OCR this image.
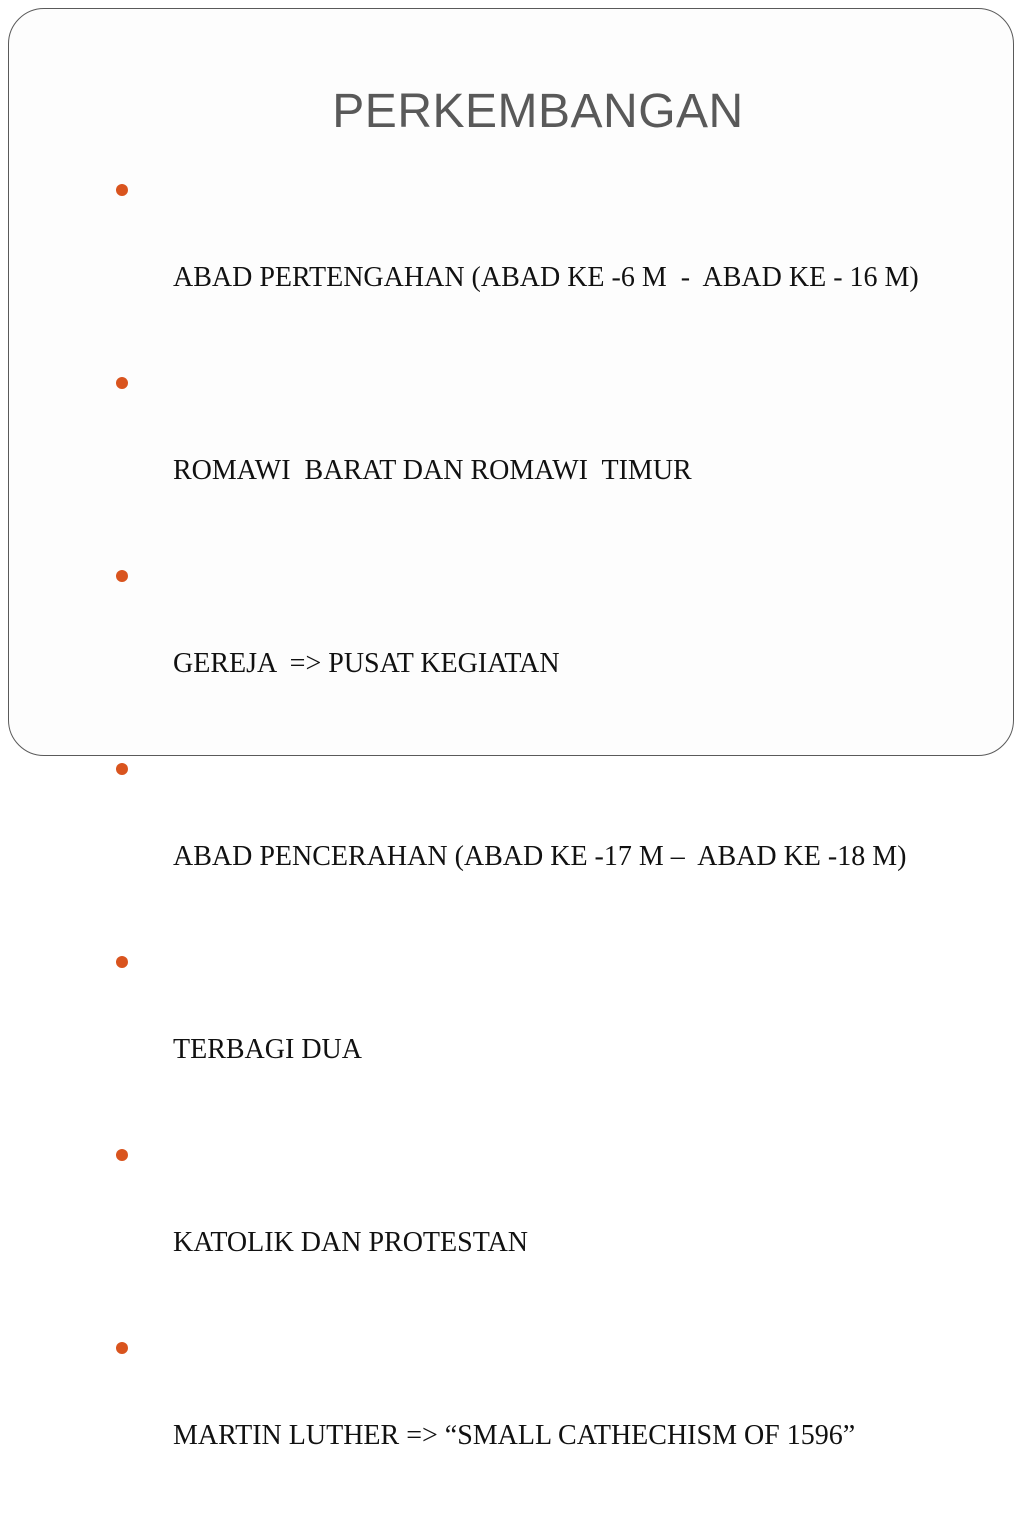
PERKEMBANGAN

ABAD PERTENGAHAN (ABAD KE -6 M  -  ABAD KE - 16 M)

ROMAWI  BARAT DAN ROMAWI  TIMUR

GEREJA  => PUSAT KEGIATAN

ABAD PENCERAHAN (ABAD KE -17 M –  ABAD KE -18 M)

TERBAGI DUA

KATOLIK DAN PROTESTAN

MARTIN LUTHER => “SMALL CATHECHISM OF 1596”
